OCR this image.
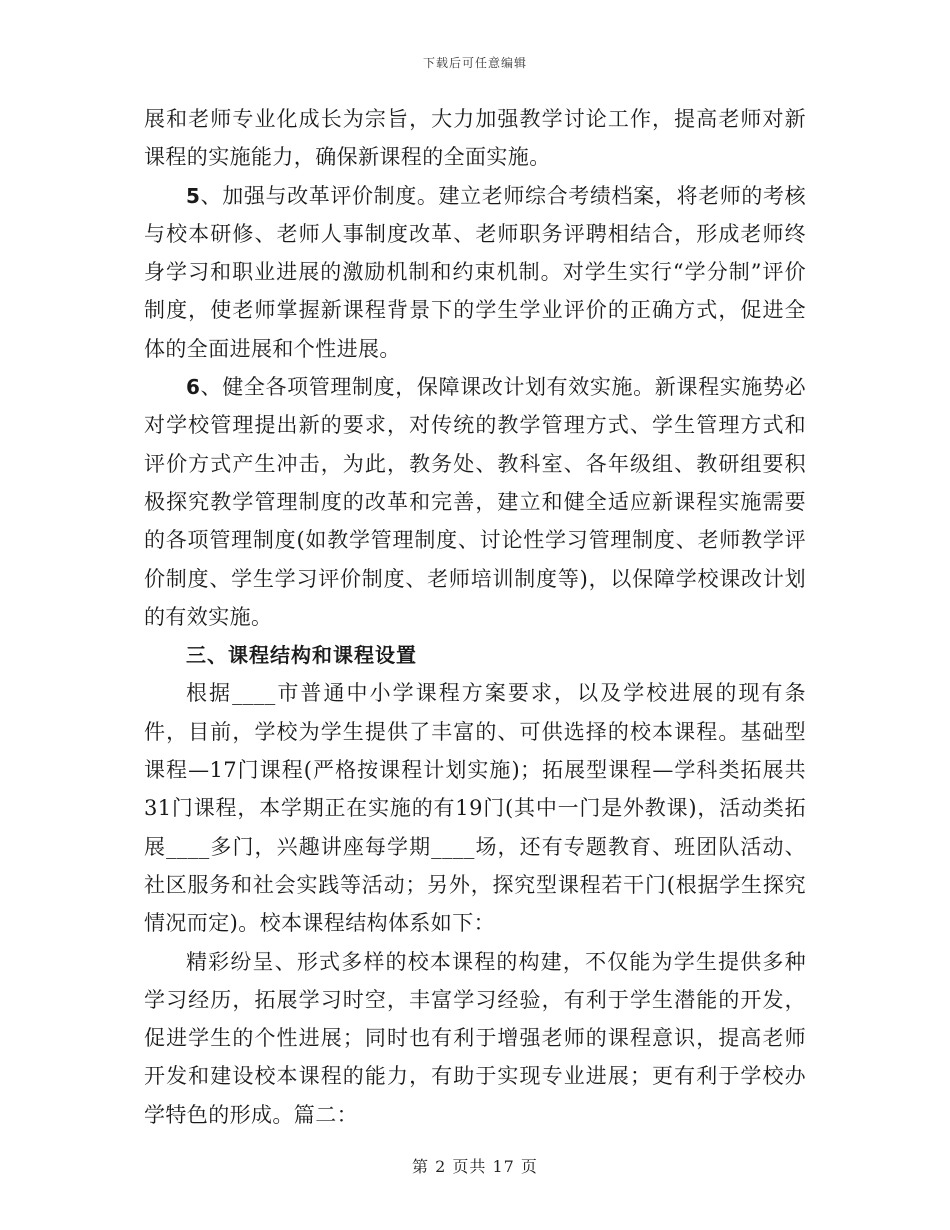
下载后可任意编辑

展和老师专业化成长为宗旨，大力加强教学讨论工作，提高老师对新课程的实施能力，确保新课程的全面实施。

5、加强与改革评价制度。建立老师综合考绩档案，将老师的考核与校本研修、老师人事制度改革、老师职务评聘相结合，形成老师终身学习和职业进展的激励机制和约束机制。对学生实行“学分制”评价制度，使老师掌握新课程背景下的学生学业评价的正确方式，促进全体的全面进展和个性进展。

6、健全各项管理制度，保障课改计划有效实施。新课程实施势必对学校管理提出新的要求，对传统的教学管理方式、学生管理方式和评价方式产生冲击，为此，教务处、教科室、各年级组、教研组要积极探究教学管理制度的改革和完善，建立和健全适应新课程实施需要的各项管理制度(如教学管理制度、讨论性学习管理制度、老师教学评价制度、学生学习评价制度、老师培训制度等)，以保障学校课改计划的有效实施。

三、课程结构和课程设置

根据____市普通中小学课程方案要求，以及学校进展的现有条件，目前，学校为学生提供了丰富的、可供选择的校本课程。基础型课程—17门课程(严格按课程计划实施)；拓展型课程—学科类拓展共31门课程，本学期正在实施的有19门(其中一门是外教课)，活动类拓展____多门，兴趣讲座每学期____场，还有专题教育、班团队活动、社区服务和社会实践等活动；另外，探究型课程若干门(根据学生探究情况而定)。校本课程结构体系如下：

精彩纷呈、形式多样的校本课程的构建，不仅能为学生提供多种学习经历，拓展学习时空，丰富学习经验，有利于学生潜能的开发，促进学生的个性进展；同时也有利于增强老师的课程意识，提高老师开发和建设校本课程的能力，有助于实现专业进展；更有利于学校办学特色的形成。篇二：

第 2 页共 17 页
